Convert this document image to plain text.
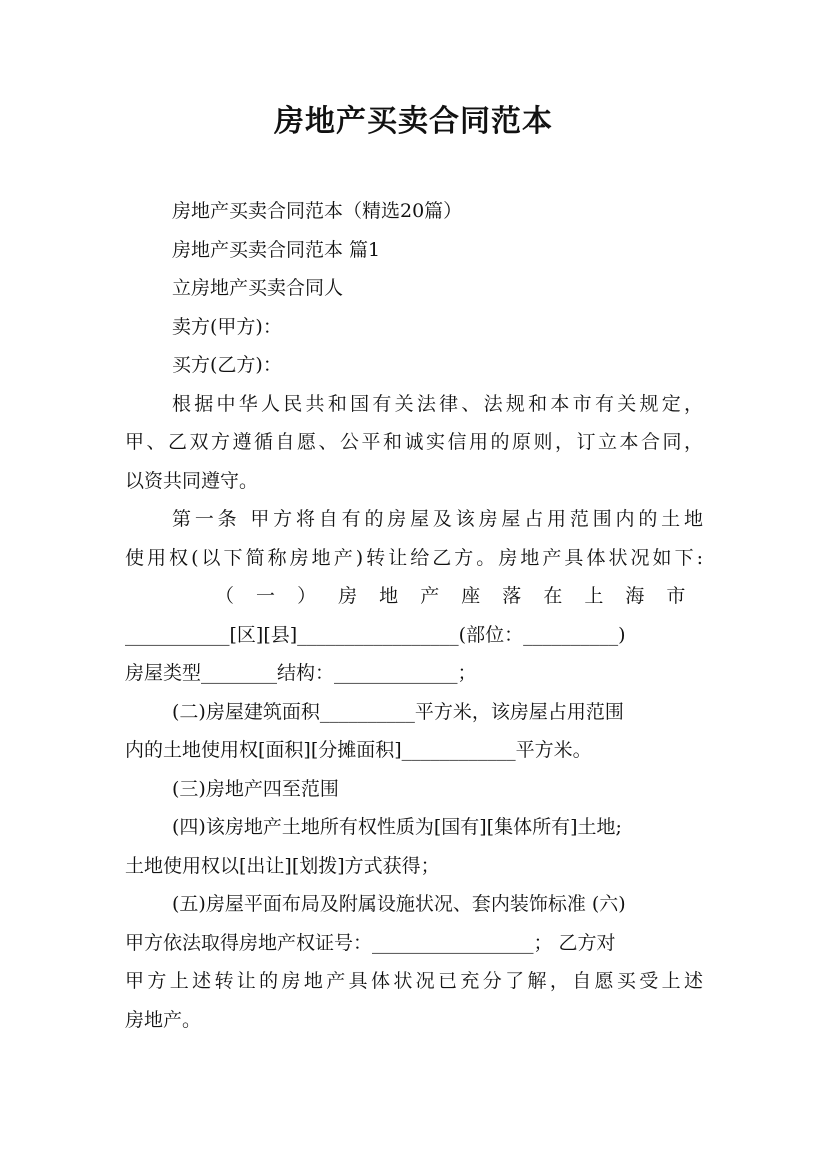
房地产买卖合同范本
房地产买卖合同范本（精选20篇）
房地产买卖合同范本 篇1
立房地产买卖合同人
卖方(甲方)：
买方(乙方)：
根据中华人民共和国有关法律、法规和本市有关规定，
甲、乙双方遵循自愿、公平和诚实信用的原则，订立本合同，
以资共同遵守。
第一条 甲方将自有的房屋及该房屋占用范围内的土地
使用权(以下简称房地产)转让给乙方。房地产具体状况如下:
（ 一 ） 房 地 产 座 落 在 上 海 市
___________[区][县]_________________(部位：__________)
房屋类型________结构：_____________；
(二)房屋建筑面积__________平方米，该房屋占用范围
内的土地使用权[面积][分摊面积]____________平方米。
(三)房地产四至范围
(四)该房地产土地所有权性质为[国有][集体所有]土地;
土地使用权以[出让][划拨]方式获得；
(五)房屋平面布局及附属设施状况、套内装饰标准 (六)
甲方依法取得房地产权证号：_________________； 乙方对
甲方上述转让的房地产具体状况已充分了解，自愿买受上述
房地产。
